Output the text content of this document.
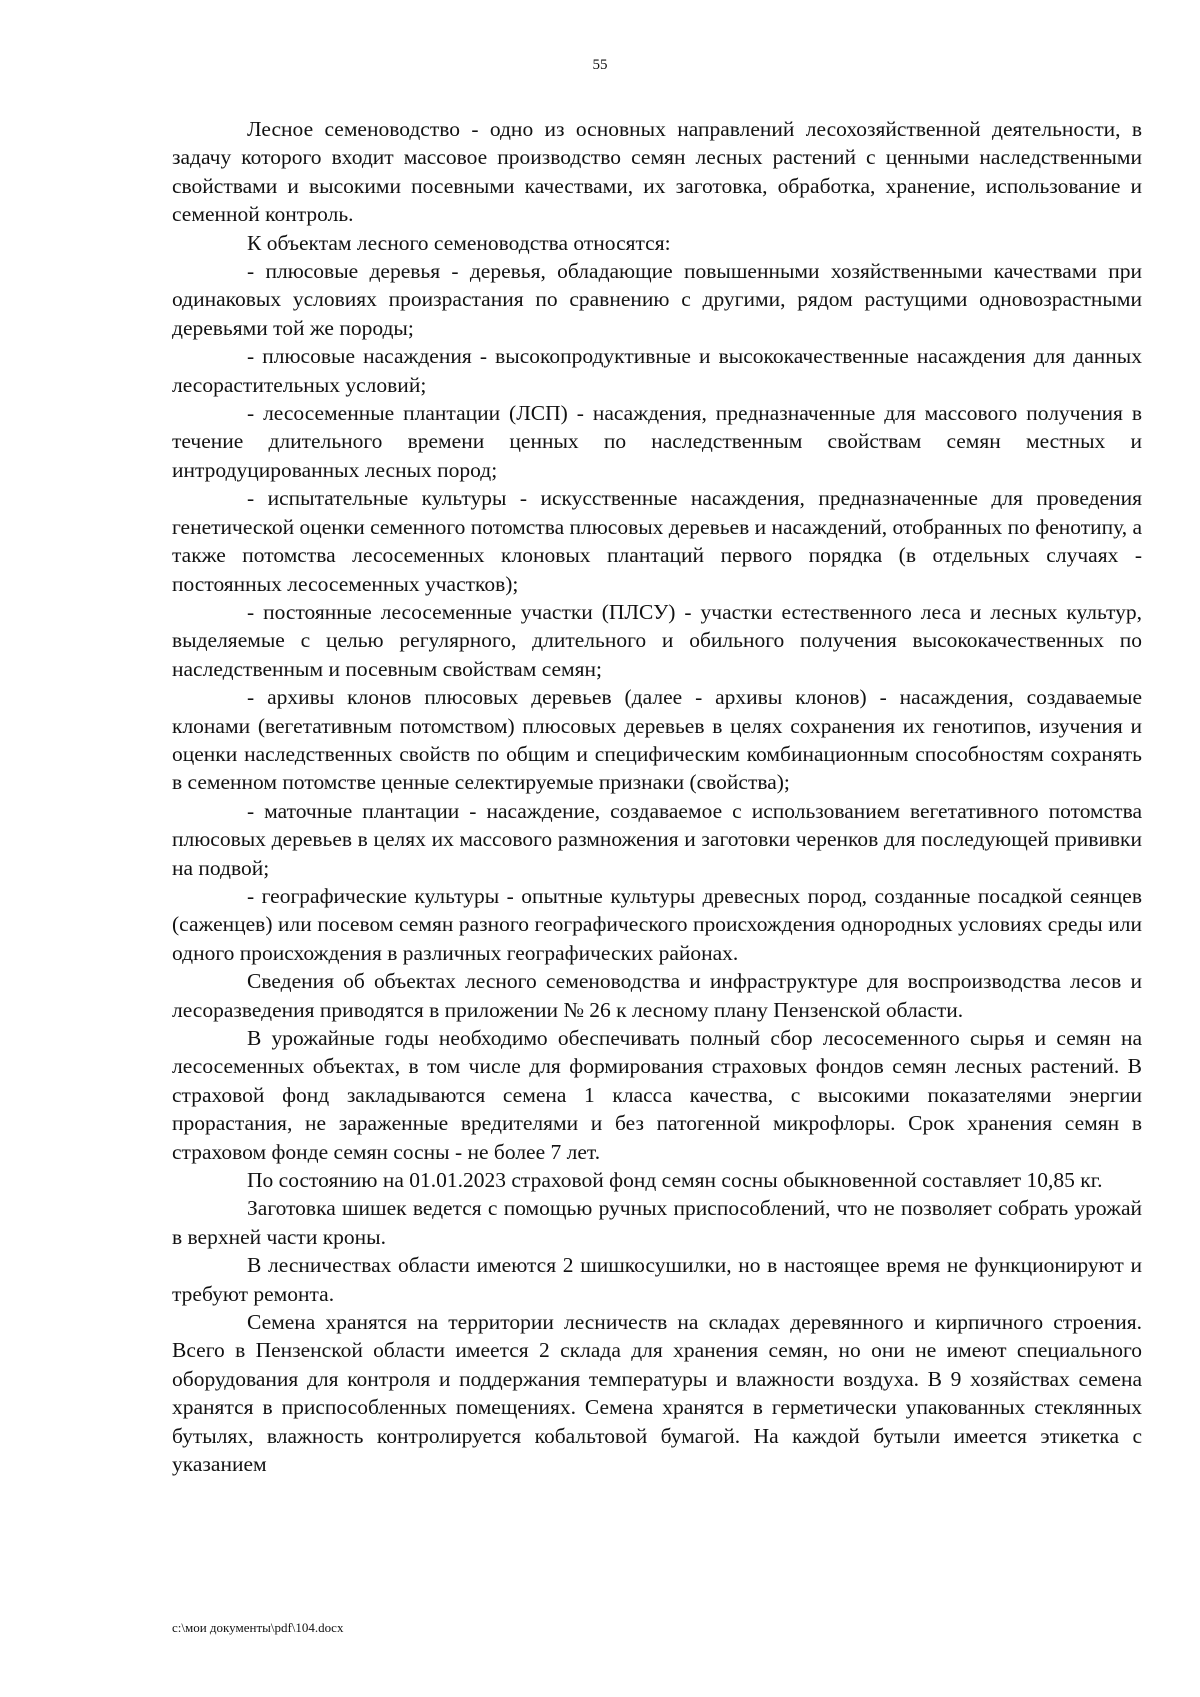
55

Лесное семеноводство - одно из основных направлений лесохозяйственной деятельности, в задачу которого входит массовое производство семян лесных растений с ценными наследственными свойствами и высокими посевными качествами, их заготовка, обработка, хранение, использование и семенной контроль.

К объектам лесного семеноводства относятся:

- плюсовые деревья - деревья, обладающие повышенными хозяйственными качествами при одинаковых условиях произрастания по сравнению с другими, рядом растущими одновозрастными деревьями той же породы;

- плюсовые насаждения - высокопродуктивные и высококачественные насаждения для данных лесорастительных условий;

- лесосеменные плантации (ЛСП) - насаждения, предназначенные для массового получения в течение длительного времени ценных по наследственным свойствам семян местных и интродуцированных лесных пород;

- испытательные культуры - искусственные насаждения, предназначенные для проведения генетической оценки семенного потомства плюсовых деревьев и насаждений, отобранных по фенотипу, а также потомства лесосеменных клоновых плантаций первого порядка (в отдельных случаях - постоянных лесосеменных участков);

- постоянные лесосеменные участки (ПЛСУ) - участки естественного леса и лесных культур, выделяемые с целью регулярного, длительного и обильного получения высококачественных по наследственным и посевным свойствам семян;

- архивы клонов плюсовых деревьев (далее - архивы клонов) - насаждения, создаваемые клонами (вегетативным потомством) плюсовых деревьев в целях сохранения их генотипов, изучения и оценки наследственных свойств по общим и специфическим комбинационным способностям сохранять в семенном потомстве ценные селектируемые признаки (свойства);

- маточные плантации - насаждение, создаваемое с использованием вегетативного потомства плюсовых деревьев в целях их массового размножения и заготовки черенков для последующей прививки на подвой;

- географические культуры - опытные культуры древесных пород, созданные посадкой сеянцев (саженцев) или посевом семян разного географического происхождения однородных условиях среды или одного происхождения в различных географических районах.

Сведения об объектах лесного семеноводства и инфраструктуре для воспроизводства лесов и лесоразведения приводятся в приложении № 26 к лесному плану Пензенской области.

В урожайные годы необходимо обеспечивать полный сбор лесосеменного сырья и семян на лесосеменных объектах, в том числе для формирования страховых фондов семян лесных растений. В страховой фонд закладываются семена 1 класса качества, с высокими показателями энергии прорастания, не зараженные вредителями и без патогенной микрофлоры. Срок хранения семян в страховом фонде семян сосны - не более 7 лет.

По состоянию на 01.01.2023 страховой фонд семян сосны обыкновенной составляет 10,85 кг.

Заготовка шишек ведется с помощью ручных приспособлений, что не позволяет собрать урожай в верхней части кроны.

В лесничествах области имеются 2 шишкосушилки, но в настоящее время не функционируют и требуют ремонта.

Семена хранятся на территории лесничеств на складах деревянного и кирпичного строения. Всего в Пензенской области имеется 2 склада для хранения семян, но они не имеют специального оборудования для контроля и поддержания температуры и влажности воздуха. В 9 хозяйствах семена хранятся в приспособленных помещениях. Семена хранятся в герметически упакованных стеклянных бутылях, влажность контролируется кобальтовой бумагой. На каждой бутыли имеется этикетка с указанием

c:\мои документы\pdf\104.docx
